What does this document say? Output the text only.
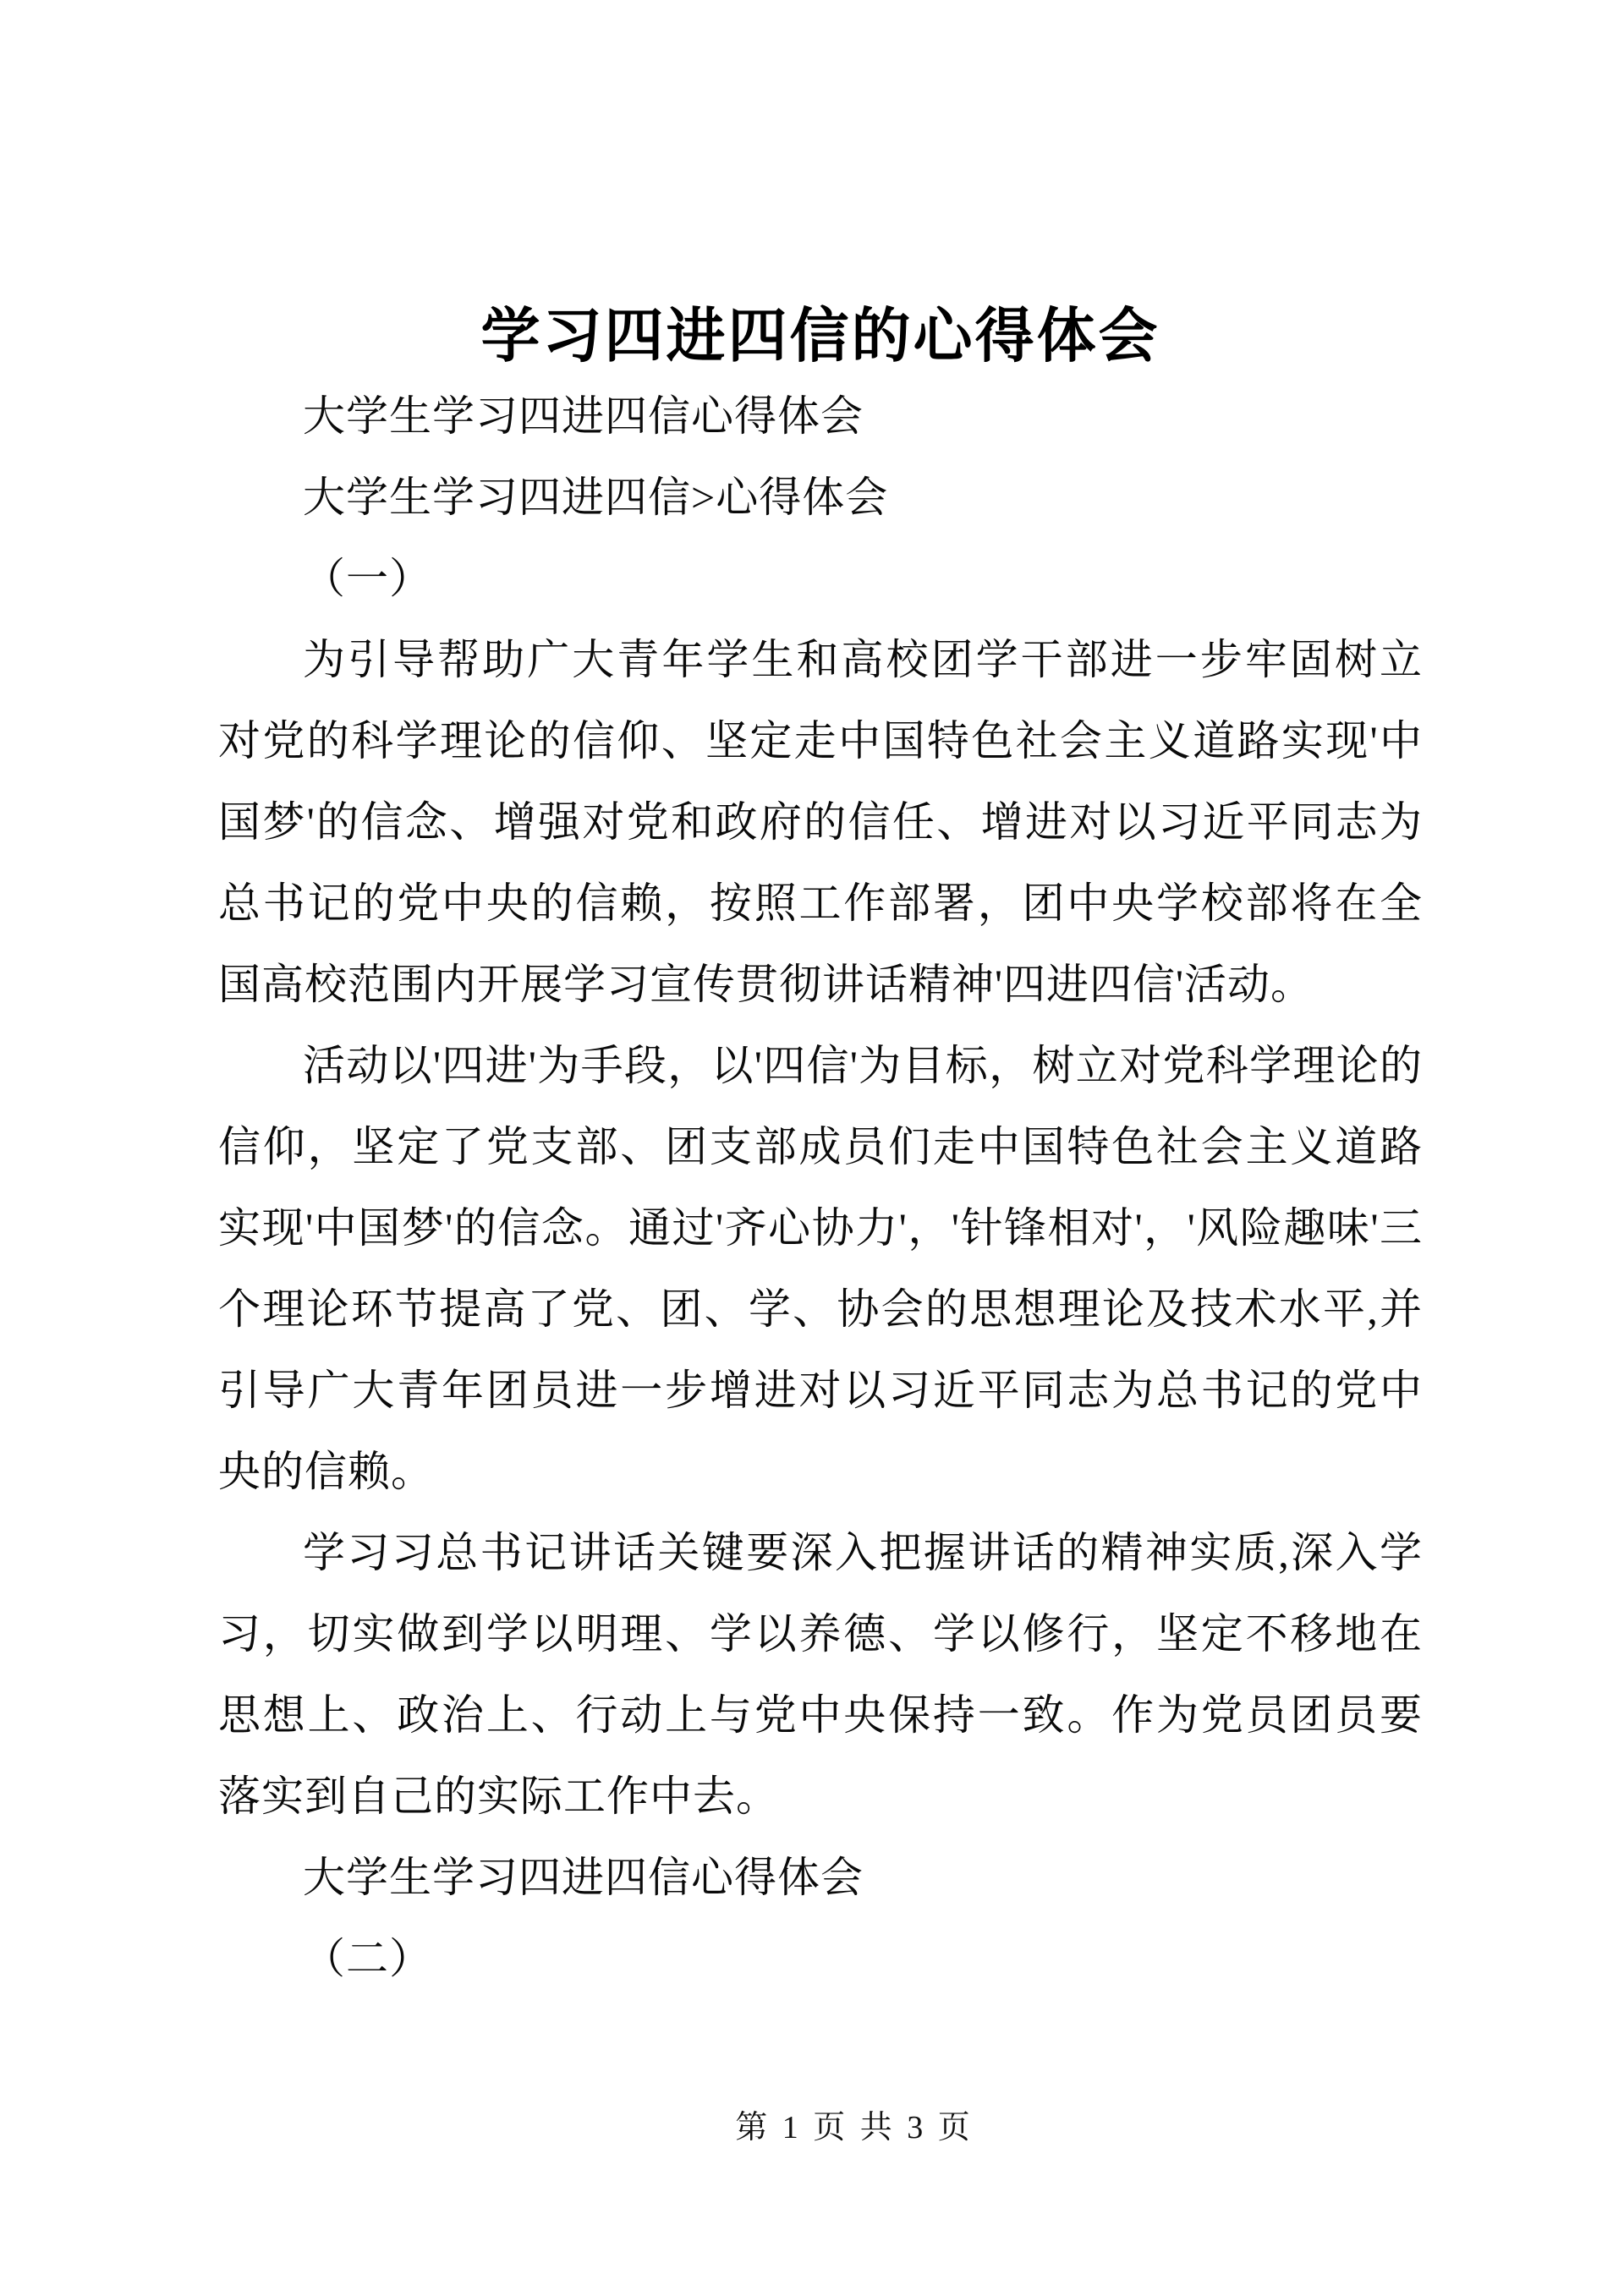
学习四进四信的心得体会

大学生学习四进四信心得体会

大学生学习四进四信>心得体会

（一）

为引导帮助广大青年学生和高校团学干部进一步牢固树立对党的科学理论的信仰、坚定走中国特色社会主义道路实现'中国梦'的信念、增强对党和政府的信任、增进对以习近平同志为总书记的党中央的信赖，按照工作部署，团中央学校部将在全国高校范围内开展学习宣传贯彻讲话精神'四进四信'活动。

活动以'四进'为手段，以'四信'为目标，树立对党科学理论的信仰，坚定了党支部、团支部成员们走中国特色社会主义道路实现'中国梦'的信念。通过'齐心协力'，'针锋相对'，'风险趣味'三个理论环节提高了党、团、学、协会的思想理论及技术水平,并引导广大青年团员进一步增进对以习近平同志为总书记的党中央的信赖。

学习习总书记讲话关键要深入把握讲话的精神实质,深入学习，切实做到学以明理、学以养德、学以修行，坚定不移地在思想上、政治上、行动上与党中央保持一致。作为党员团员要落实到自己的实际工作中去。

大学生学习四进四信心得体会

（二）

第 1 页 共 3 页
